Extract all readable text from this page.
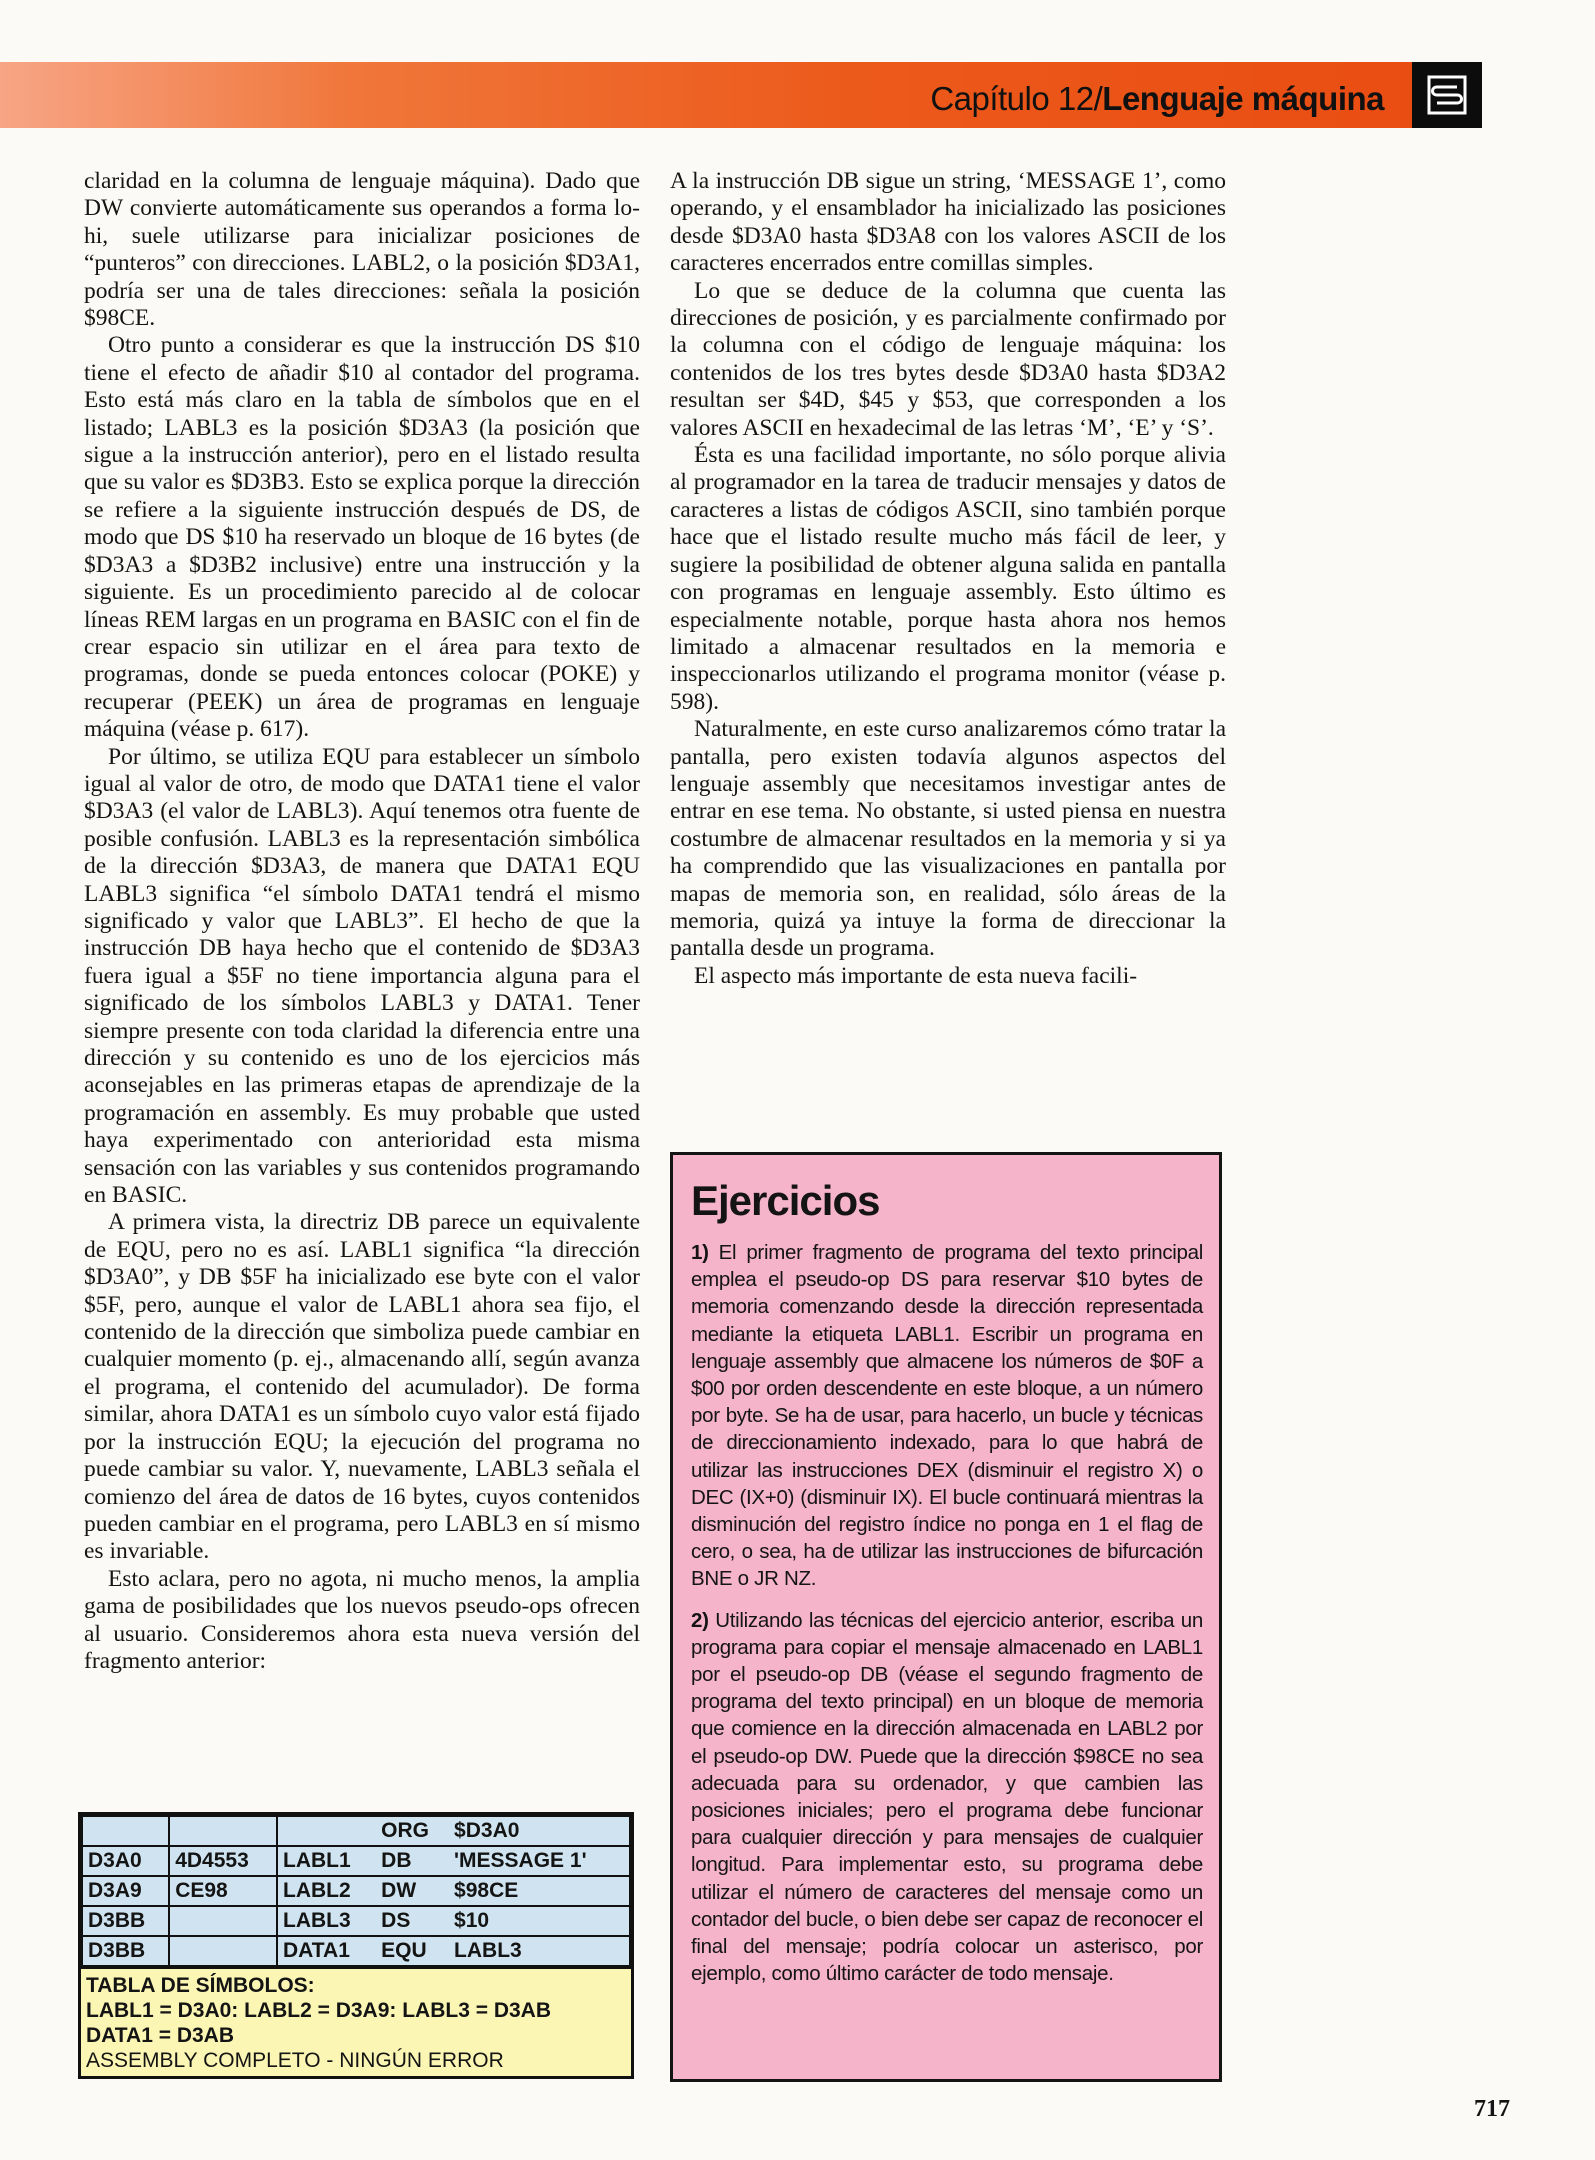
Capítulo 12/Lenguaje máquina

claridad en la columna de lenguaje máquina). Dado que DW convierte automáticamente sus operandos a forma lo-hi, suele utilizarse para inicializar posiciones de “punteros” con direcciones. LABL2, o la posición $D3A1, podría ser una de tales direcciones: señala la posición $98CE.

Otro punto a considerar es que la instrucción DS $10 tiene el efecto de añadir $10 al contador del programa. Esto está más claro en la tabla de símbolos que en el listado; LABL3 es la posición $D3A3 (la posición que sigue a la instrucción anterior), pero en el listado resulta que su valor es $D3B3. Esto se explica porque la dirección se refiere a la siguiente instrucción después de DS, de modo que DS $10 ha reservado un bloque de 16 bytes (de $D3A3 a $D3B2 inclusive) entre una instrucción y la siguiente. Es un procedimiento parecido al de colocar líneas REM largas en un programa en BASIC con el fin de crear espacio sin utilizar en el área para texto de programas, donde se pueda entonces colocar (POKE) y recuperar (PEEK) un área de programas en lenguaje máquina (véase p. 617).

Por último, se utiliza EQU para establecer un símbolo igual al valor de otro, de modo que DATA1 tiene el valor $D3A3 (el valor de LABL3). Aquí tenemos otra fuente de posible confusión. LABL3 es la representación simbólica de la dirección $D3A3, de manera que DATA1 EQU LABL3 significa “el símbolo DATA1 tendrá el mismo significado y valor que LABL3”. El hecho de que la instrucción DB haya hecho que el contenido de $D3A3 fuera igual a $5F no tiene importancia alguna para el significado de los símbolos LABL3 y DATA1. Tener siempre presente con toda claridad la diferencia entre una dirección y su contenido es uno de los ejercicios más aconsejables en las primeras etapas de aprendizaje de la programación en assembly. Es muy probable que usted haya experimentado con anterioridad esta misma sensación con las variables y sus contenidos programando en BASIC.

A primera vista, la directriz DB parece un equivalente de EQU, pero no es así. LABL1 significa “la dirección $D3A0”, y DB $5F ha inicializado ese byte con el valor $5F, pero, aunque el valor de LABL1 ahora sea fijo, el contenido de la dirección que simboliza puede cambiar en cualquier momento (p. ej., almacenando allí, según avanza el programa, el contenido del acumulador). De forma similar, ahora DATA1 es un símbolo cuyo valor está fijado por la instrucción EQU; la ejecución del programa no puede cambiar su valor. Y, nuevamente, LABL3 señala el comienzo del área de datos de 16 bytes, cuyos contenidos pueden cambiar en el programa, pero LABL3 en sí mismo es invariable.

Esto aclara, pero no agota, ni mucho menos, la amplia gama de posibilidades que los nuevos pseudo-ops ofrecen al usuario. Consideremos ahora esta nueva versión del fragmento anterior:

A la instrucción DB sigue un string, ‘MESSAGE 1’, como operando, y el ensamblador ha inicializado las posiciones desde $D3A0 hasta $D3A8 con los valores ASCII de los caracteres encerrados entre comillas simples.

Lo que se deduce de la columna que cuenta las direcciones de posición, y es parcialmente confirmado por la columna con el código de lenguaje máquina: los contenidos de los tres bytes desde $D3A0 hasta $D3A2 resultan ser $4D, $45 y $53, que corresponden a los valores ASCII en hexadecimal de las letras ‘M’, ‘E’ y ‘S’.

Ésta es una facilidad importante, no sólo porque alivia al programador en la tarea de traducir mensajes y datos de caracteres a listas de códigos ASCII, sino también porque hace que el listado resulte mucho más fácil de leer, y sugiere la posibilidad de obtener alguna salida en pantalla con programas en lenguaje assembly. Esto último es especialmente notable, porque hasta ahora nos hemos limitado a almacenar resultados en la memoria e inspeccionarlos utilizando el programa monitor (véase p. 598).

Naturalmente, en este curso analizaremos cómo tratar la pantalla, pero existen todavía algunos aspectos del lenguaje assembly que necesitamos investigar antes de entrar en ese tema. No obstante, si usted piensa en nuestra costumbre de almacenar resultados en la memoria y si ya ha comprendido que las visualizaciones en pantalla por mapas de memoria son, en realidad, sólo áreas de la memoria, quizá ya intuye la forma de direccionar la pantalla desde un programa.

El aspecto más importante de esta nueva facili-

			ORG	$D3A0
D3A0	4D4553	LABL1	DB	'MESSAGE 1'
D3A9	CE98	LABL2	DW	$98CE
D3BB		LABL3	DS	$10
D3BB		DATA1	EQU	LABL3
TABLA DE SÍMBOLOS:
LABL1 = D3A0: LABL2 = D3A9: LABL3 = D3AB
DATA1 = D3AB
ASSEMBLY COMPLETO - NINGÚN ERROR
Ejercicios

1) El primer fragmento de programa del texto principal emplea el pseudo-op DS para reservar $10 bytes de memoria comenzando desde la dirección representada mediante la etiqueta LABL1. Escribir un programa en lenguaje assembly que almacene los números de $0F a $00 por orden descendente en este bloque, a un número por byte. Se ha de usar, para hacerlo, un bucle y técnicas de direccionamiento indexado, para lo que habrá de utilizar las instrucciones DEX (disminuir el registro X) o DEC (IX+0) (disminuir IX). El bucle continuará mientras la disminución del registro índice no ponga en 1 el flag de cero, o sea, ha de utilizar las instrucciones de bifurcación BNE o JR NZ.

2) Utilizando las técnicas del ejercicio anterior, escriba un programa para copiar el mensaje almacenado en LABL1 por el pseudo-op DB (véase el segundo fragmento de programa del texto principal) en un bloque de memoria que comience en la dirección almacenada en LABL2 por el pseudo-op DW. Puede que la dirección $98CE no sea adecuada para su ordenador, y que cambien las posiciones iniciales; pero el programa debe funcionar para cualquier dirección y para mensajes de cualquier longitud. Para implementar esto, su programa debe utilizar el número de caracteres del mensaje como un contador del bucle, o bien debe ser capaz de reconocer el final del mensaje; podría colocar un asterisco, por ejemplo, como último carácter de todo mensaje.

717
